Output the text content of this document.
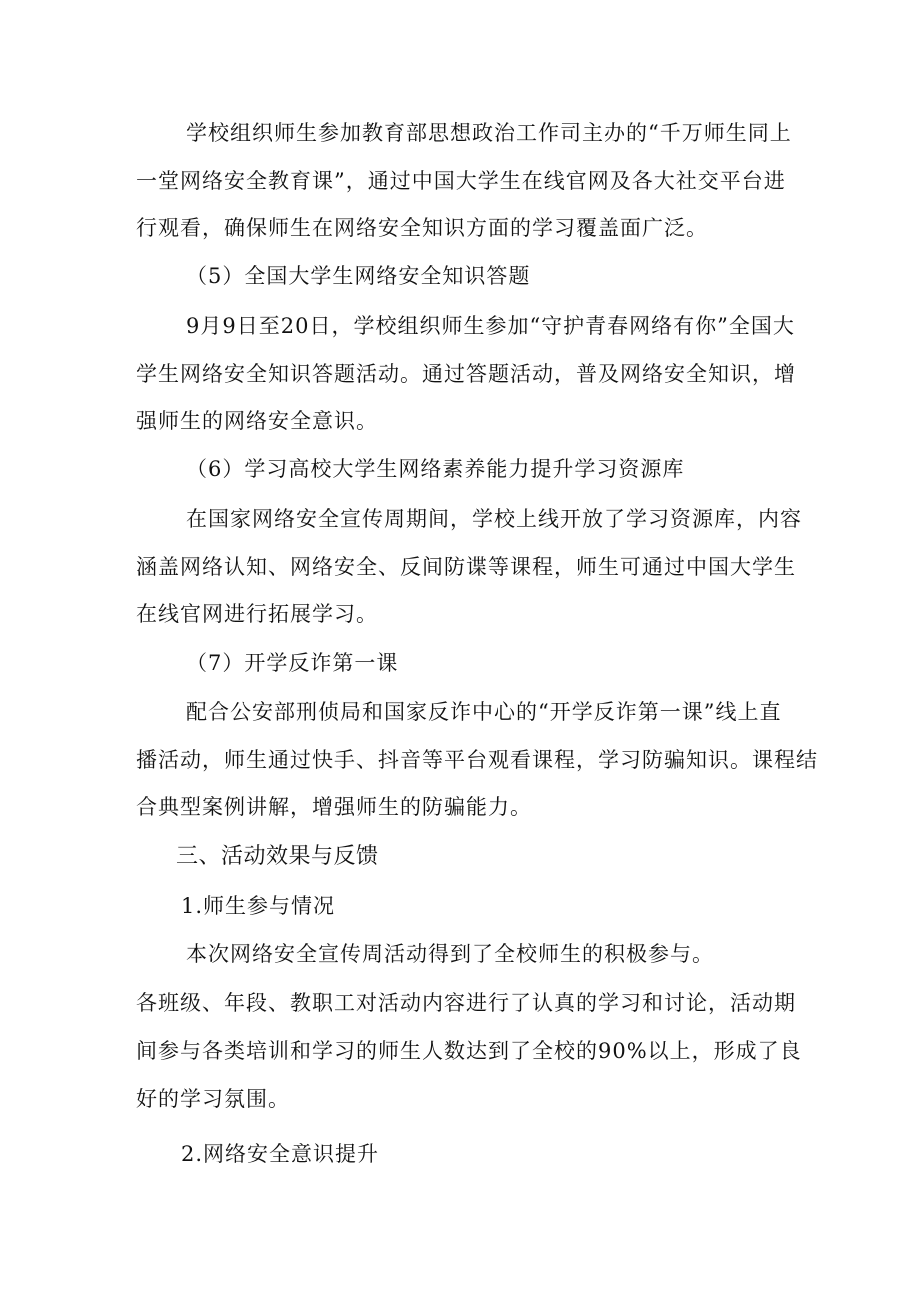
学校组织师生参加教育部思想政治工作司主办的“千万师生同上
一堂网络安全教育课”，通过中国大学生在线官网及各大社交平台进
行观看，确保师生在网络安全知识方面的学习覆盖面广泛。
（5）全国大学生网络安全知识答题
9月9日至20日，学校组织师生参加“守护青春网络有你”全国大
学生网络安全知识答题活动。通过答题活动，普及网络安全知识，增
强师生的网络安全意识。
（6）学习高校大学生网络素养能力提升学习资源库
在国家网络安全宣传周期间，学校上线开放了学习资源库，内容
涵盖网络认知、网络安全、反间防谍等课程，师生可通过中国大学生
在线官网进行拓展学习。
（7）开学反诈第一课
配合公安部刑侦局和国家反诈中心的“开学反诈第一课”线上直
播活动，师生通过快手、抖音等平台观看课程，学习防骗知识。课程结
合典型案例讲解，增强师生的防骗能力。
三、活动效果与反馈
1.师生参与情况
本次网络安全宣传周活动得到了全校师生的积极参与。
各班级、年段、教职工对活动内容进行了认真的学习和讨论，活动期
间参与各类培训和学习的师生人数达到了全校的90%以上，形成了良
好的学习氛围。
2.网络安全意识提升
